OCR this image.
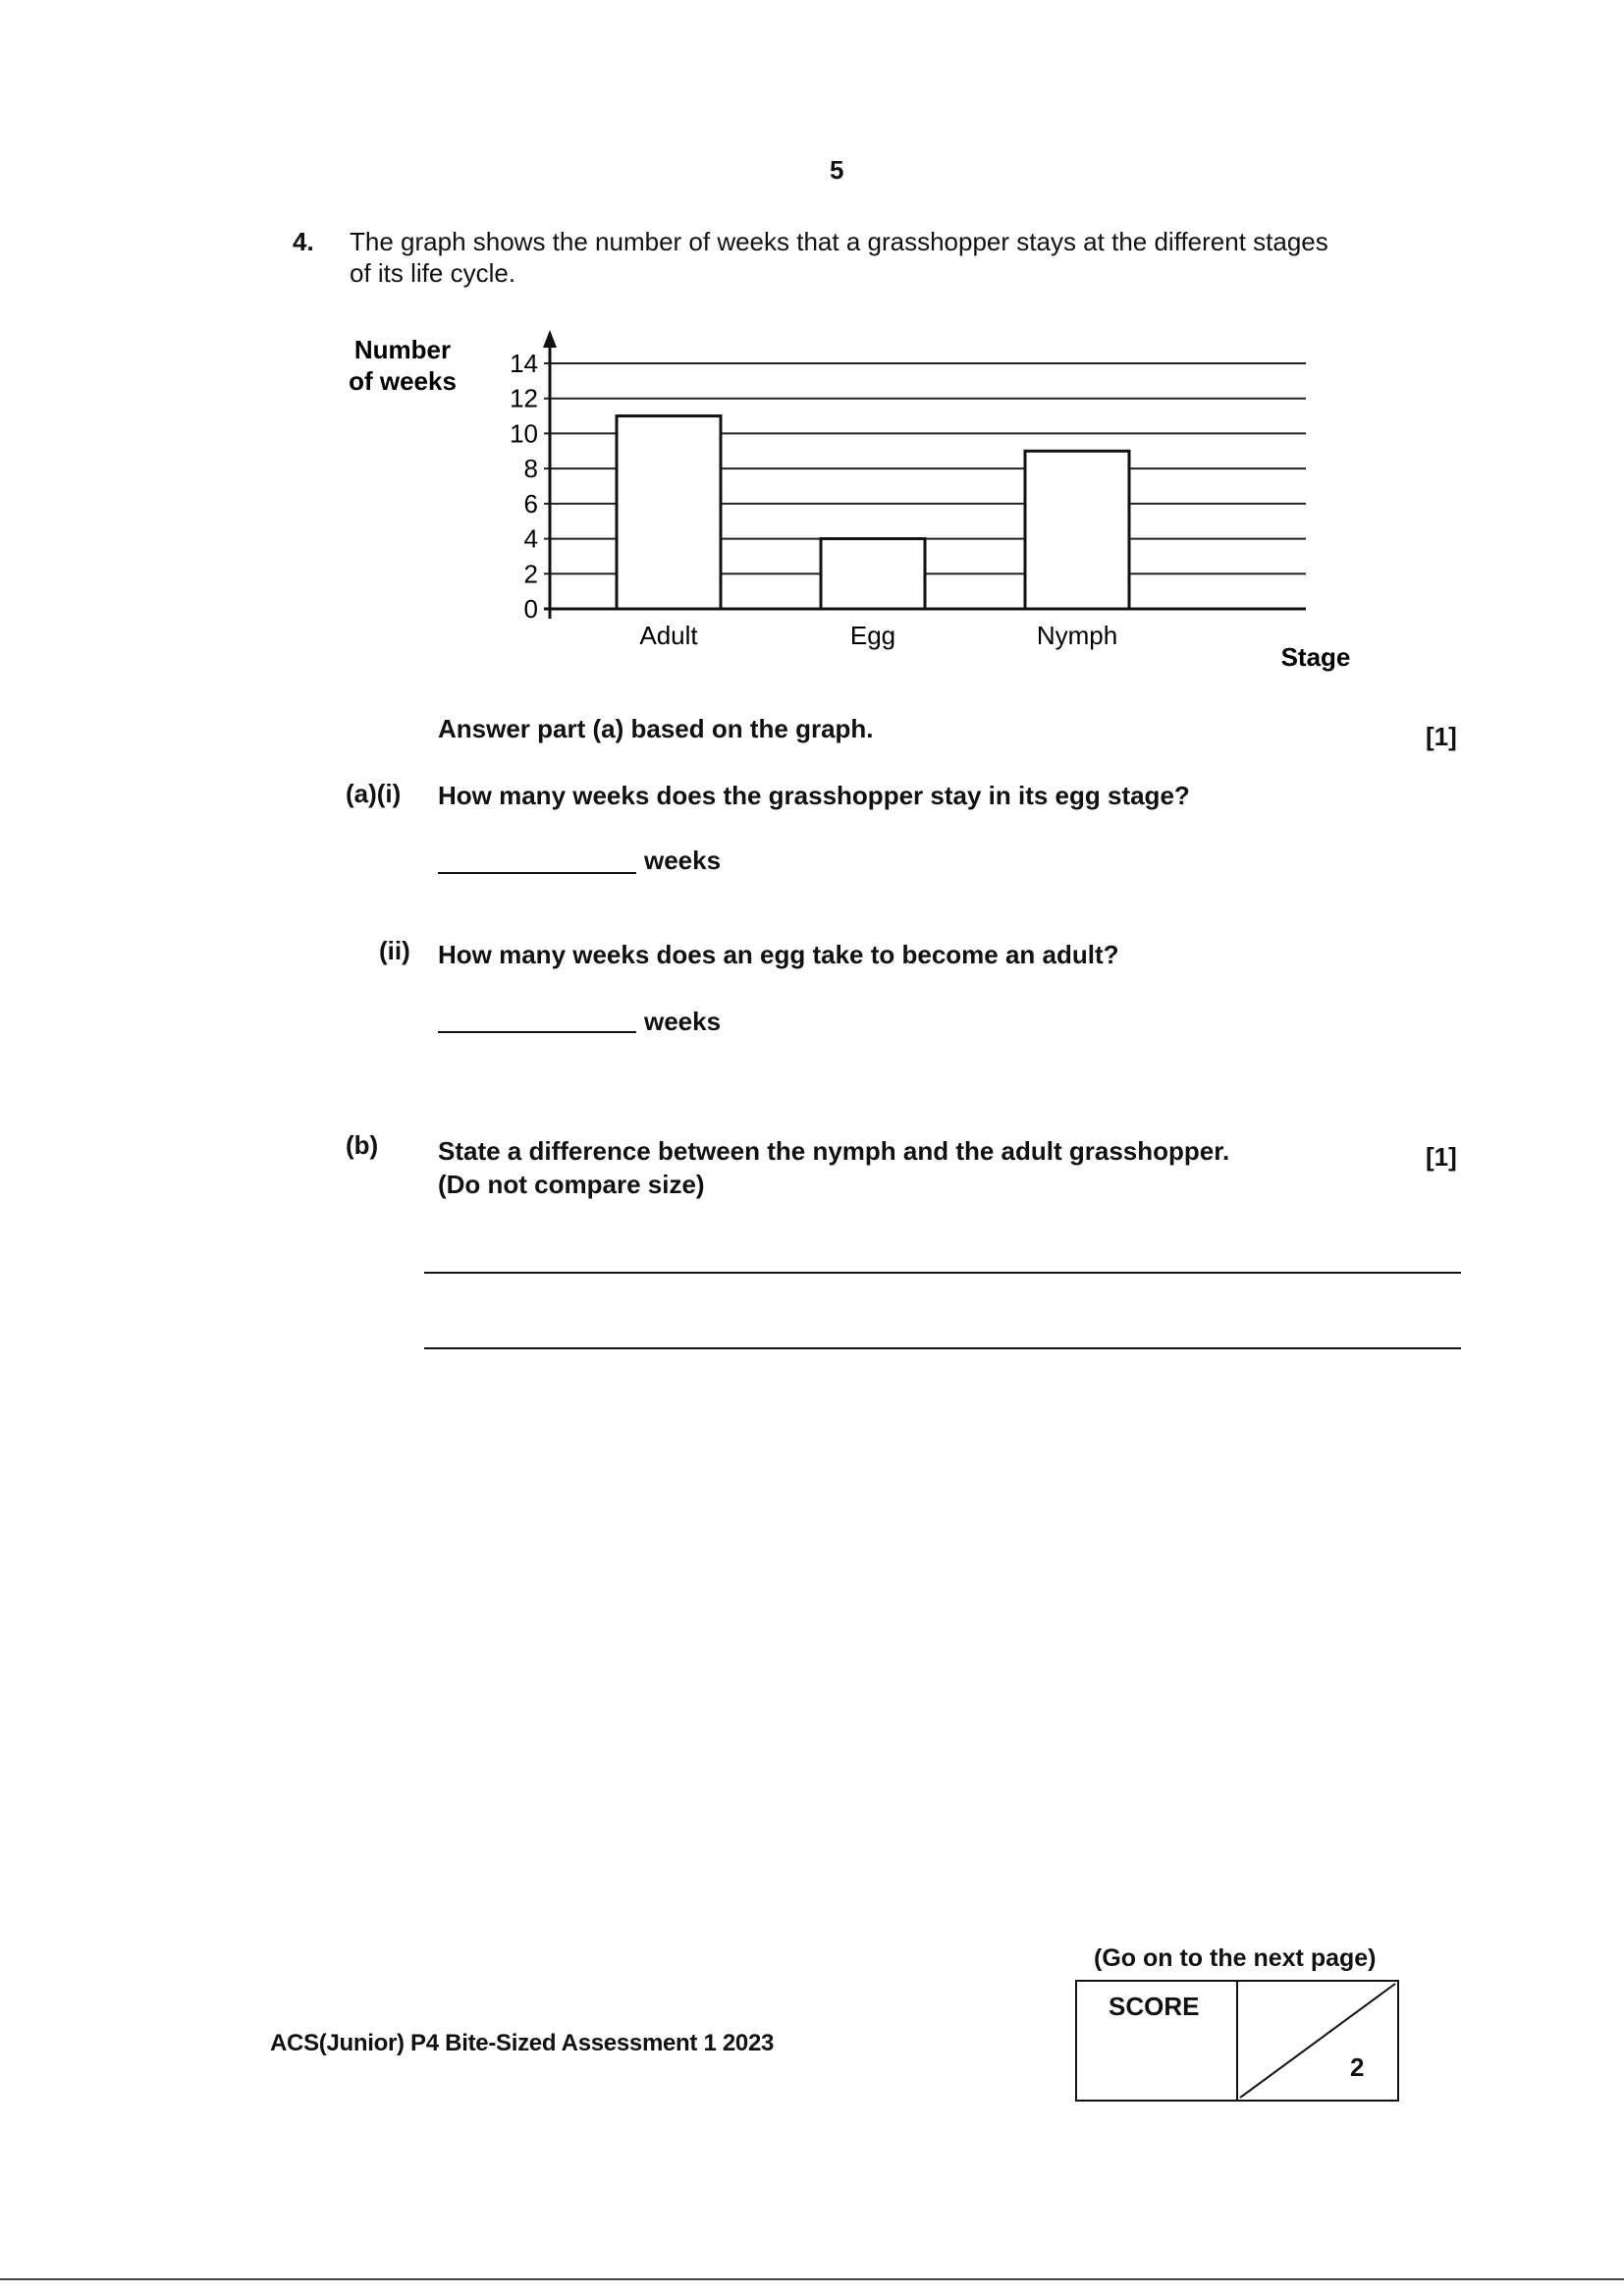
5
4. The graph shows the number of weeks that a grasshopper stays at the different stages
of its life cycle.
Number
of weeks
0
2
4
6
8
10
12
14
Adult	Egg	Nymph
Stage
Answer part (a) based on the graph.	[1]
(a)(i) How many weeks does the grasshopper stay in its egg stage?
weeks
(ii) How many weeks does an egg take to become an adult?
weeks
(b) State a difference between the nymph and the adult grasshopper.
(Do not compare size)
[1]
ACS(Junior) P4 Bite-Sized Assessment 1 2023
(Go on to the next page)
SCORE
2
